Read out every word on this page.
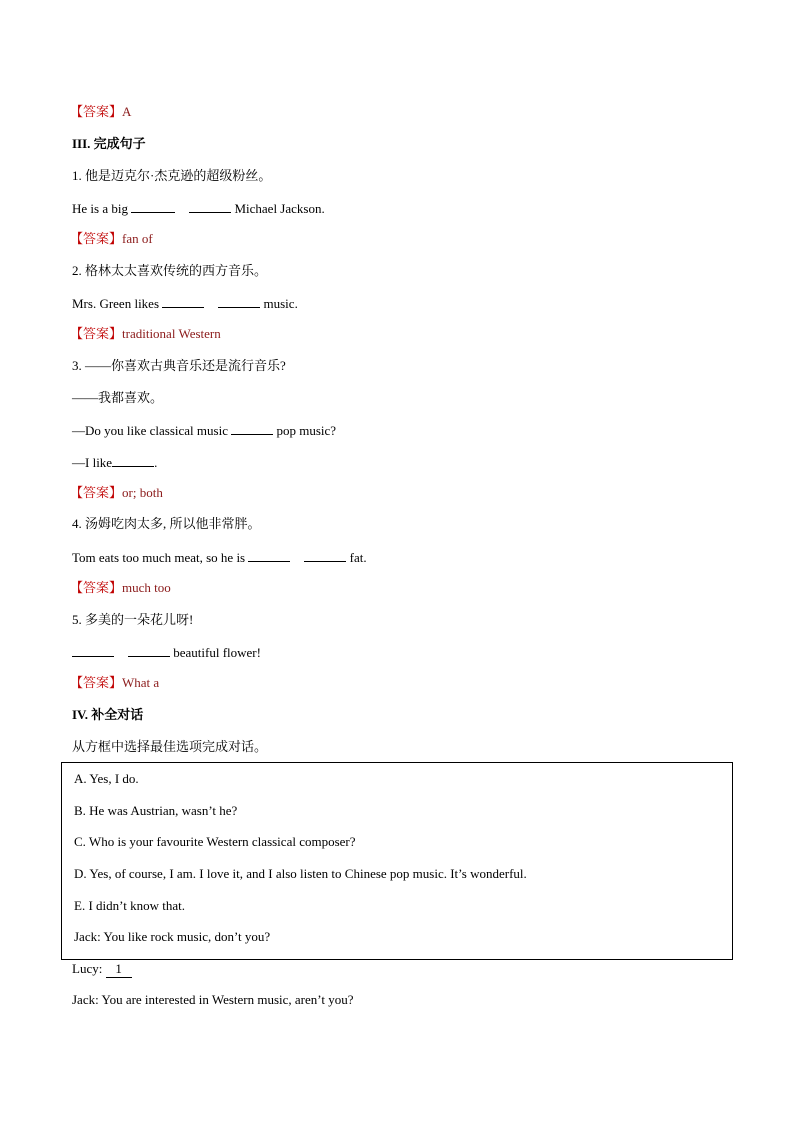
【答案】A
III. 完成句子
1. 他是迈克尔·杰克逊的超级粉丝。
He is a big	Michael Jackson.
【答案】fan of
2. 格林太太喜欢传统的西方音乐。
Mrs. Green likes	music.
【答案】traditional Western
3. ——你喜欢古典音乐还是流行音乐?
——我都喜欢。
—Do you like classical music	pop music?
—I like	.
【答案】or; both
4. 汤姆吃肉太多, 所以他非常胖。
Tom eats too much meat, so he is	fat.
【答案】much too
5. 多美的一朵花儿呀!
beautiful flower!
【答案】What a
IV. 补全对话
从方框中选择最佳选项完成对话。
A. Yes, I do.
B. He was Austrian, wasn’t he?
C. Who is your favourite Western classical composer?
D. Yes, of course, I am. I love it, and I also listen to Chinese pop music. It’s wonderful.
E. I didn’t know that.
Jack: You like rock music, don’t you?
Lucy: 1
Jack: You are interested in Western music, aren’t you?
